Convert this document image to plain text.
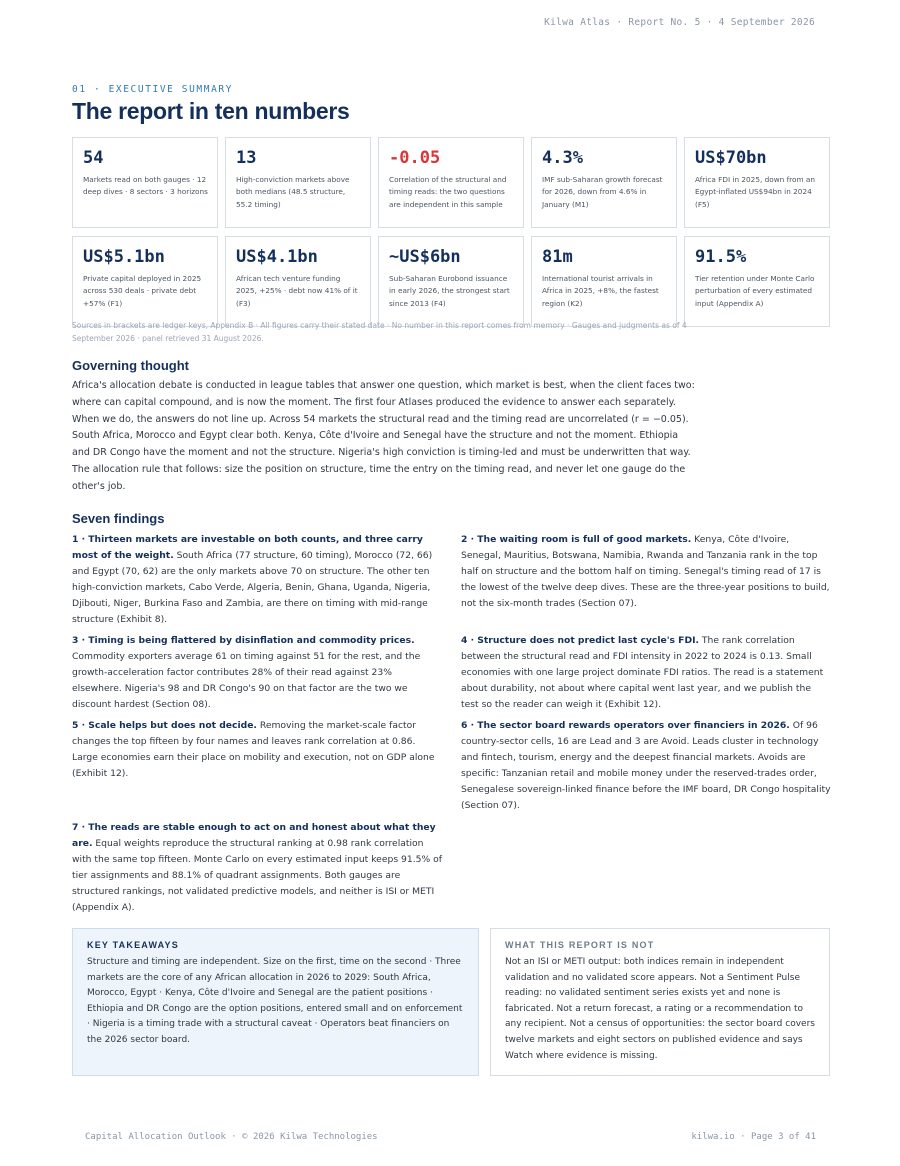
Kilwa Atlas · Report No. 5 · 4 September 2026
01 · EXECUTIVE SUMMARY
The report in ten numbers
54
Markets read on both gauges · 12 deep dives · 8 sectors · 3 horizons
13
High-conviction markets above both medians (48.5 structure, 55.2 timing)
-0.05
Correlation of the structural and timing reads: the two questions are independent in this sample
4.3%
IMF sub-Saharan growth forecast for 2026, down from 4.6% in January (M1)
US$70bn
Africa FDI in 2025, down from an Egypt-inflated US$94bn in 2024 (F5)
US$5.1bn
Private capital deployed in 2025 across 530 deals · private debt +57% (F1)
US$4.1bn
African tech venture funding 2025, +25% · debt now 41% of it (F3)
~US$6bn
Sub-Saharan Eurobond issuance in early 2026, the strongest start since 2013 (F4)
81m
International tourist arrivals in Africa in 2025, +8%, the fastest region (K2)
91.5%
Tier retention under Monte Carlo perturbation of every estimated input (Appendix A)

Sources in brackets are ledger keys, Appendix B · All figures carry their stated date · No number in this report comes from memory · Gauges and judgments as of 4 September 2026 · panel retrieved 31 August 2026.

Governing thought

Africa's allocation debate is conducted in league tables that answer one question, which market is best, when the client faces two: where can capital compound, and is now the moment. The first four Atlases produced the evidence to answer each separately. When we do, the answers do not line up. Across 54 markets the structural read and the timing read are uncorrelated (r = −0.05). South Africa, Morocco and Egypt clear both. Kenya, Côte d'Ivoire and Senegal have the structure and not the moment. Ethiopia and DR Congo have the moment and not the structure. Nigeria's high conviction is timing-led and must be underwritten that way. The allocation rule that follows: size the position on structure, time the entry on the timing read, and never let one gauge do the other's job.

Seven findings

1 · Thirteen markets are investable on both counts, and three carry most of the weight. South Africa (77 structure, 60 timing), Morocco (72, 66) and Egypt (70, 62) are the only markets above 70 on structure. The other ten high-conviction markets, Cabo Verde, Algeria, Benin, Ghana, Uganda, Nigeria, Djibouti, Niger, Burkina Faso and Zambia, are there on timing with mid-range structure (Exhibit 8).

2 · The waiting room is full of good markets. Kenya, Côte d'Ivoire, Senegal, Mauritius, Botswana, Namibia, Rwanda and Tanzania rank in the top half on structure and the bottom half on timing. Senegal's timing read of 17 is the lowest of the twelve deep dives. These are the three-year positions to build, not the six-month trades (Section 07).

3 · Timing is being flattered by disinflation and commodity prices. Commodity exporters average 61 on timing against 51 for the rest, and the growth-acceleration factor contributes 28% of their read against 23% elsewhere. Nigeria's 98 and DR Congo's 90 on that factor are the two we discount hardest (Section 08).

4 · Structure does not predict last cycle's FDI. The rank correlation between the structural read and FDI intensity in 2022 to 2024 is 0.13. Small economies with one large project dominate FDI ratios. The read is a statement about durability, not about where capital went last year, and we publish the test so the reader can weigh it (Exhibit 12).

5 · Scale helps but does not decide. Removing the market-scale factor changes the top fifteen by four names and leaves rank correlation at 0.86. Large economies earn their place on mobility and execution, not on GDP alone (Exhibit 12).

6 · The sector board rewards operators over financiers in 2026. Of 96 country-sector cells, 16 are Lead and 3 are Avoid. Leads cluster in technology and fintech, tourism, energy and the deepest financial markets. Avoids are specific: Tanzanian retail and mobile money under the reserved-trades order, Senegalese sovereign-linked finance before the IMF board, DR Congo hospitality (Section 07).

7 · The reads are stable enough to act on and honest about what they are. Equal weights reproduce the structural ranking at 0.98 rank correlation with the same top fifteen. Monte Carlo on every estimated input keeps 91.5% of tier assignments and 88.1% of quadrant assignments. Both gauges are structured rankings, not validated predictive models, and neither is ISI or METI (Appendix A).

KEY TAKEAWAYS

Structure and timing are independent. Size on the first, time on the second · Three markets are the core of any African allocation in 2026 to 2029: South Africa, Morocco, Egypt · Kenya, Côte d'Ivoire and Senegal are the patient positions · Ethiopia and DR Congo are the option positions, entered small and on enforcement · Nigeria is a timing trade with a structural caveat · Operators beat financiers on the 2026 sector board.

WHAT THIS REPORT IS NOT

Not an ISI or METI output: both indices remain in independent validation and no validated score appears. Not a Sentiment Pulse reading: no validated sentiment series exists yet and none is fabricated. Not a return forecast, a rating or a recommendation to any recipient. Not a census of opportunities: the sector board covers twelve markets and eight sectors on published evidence and says Watch where evidence is missing.

Capital Allocation Outlook · © 2026 Kilwa Technologies	kilwa.io · Page 3 of 41
